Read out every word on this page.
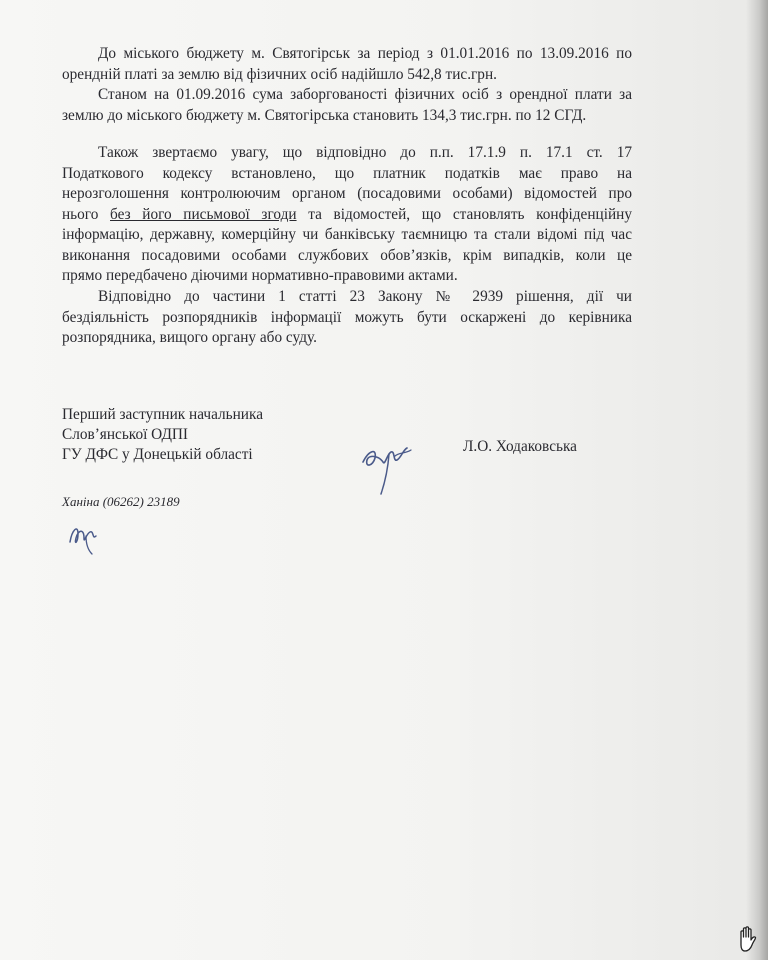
До міського бюджету м. Святогірськ за період з 01.01.2016 по 13.09.2016 по
орендній платі за землю від фізичних осіб надійшло 542,8 тис.грн.
Станом на 01.09.2016 сума заборгованості фізичних осіб з орендної плати за
землю до міського бюджету м. Святогірська становить 134,3 тис.грн. по 12 СГД.
Також звертаємо увагу, що відповідно до п.п. 17.1.9 п. 17.1 ст. 17
Податкового кодексу встановлено, що платник податків має право на
нерозголошення контролюючим органом (посадовими особами) відомостей про
нього без його письмової згоди та відомостей, що становлять конфіденційну
інформацію, державну, комерційну чи банківську таємницю та стали відомі під час
виконання посадовими особами службових обов’язків, крім випадків, коли це
прямо передбачено діючими нормативно-правовими актами.
Відповідно до частини 1 статті 23 Закону № 2939 рішення, дії чи
бездіяльність розпорядників інформації можуть бути оскаржені до керівника
розпорядника, вищого органу або суду.
Перший заступник начальника
Слов’янської ОДПІ
ГУ ДФС у Донецькій області	Л.О. Ходаковська
Ханіна (06262) 23189
